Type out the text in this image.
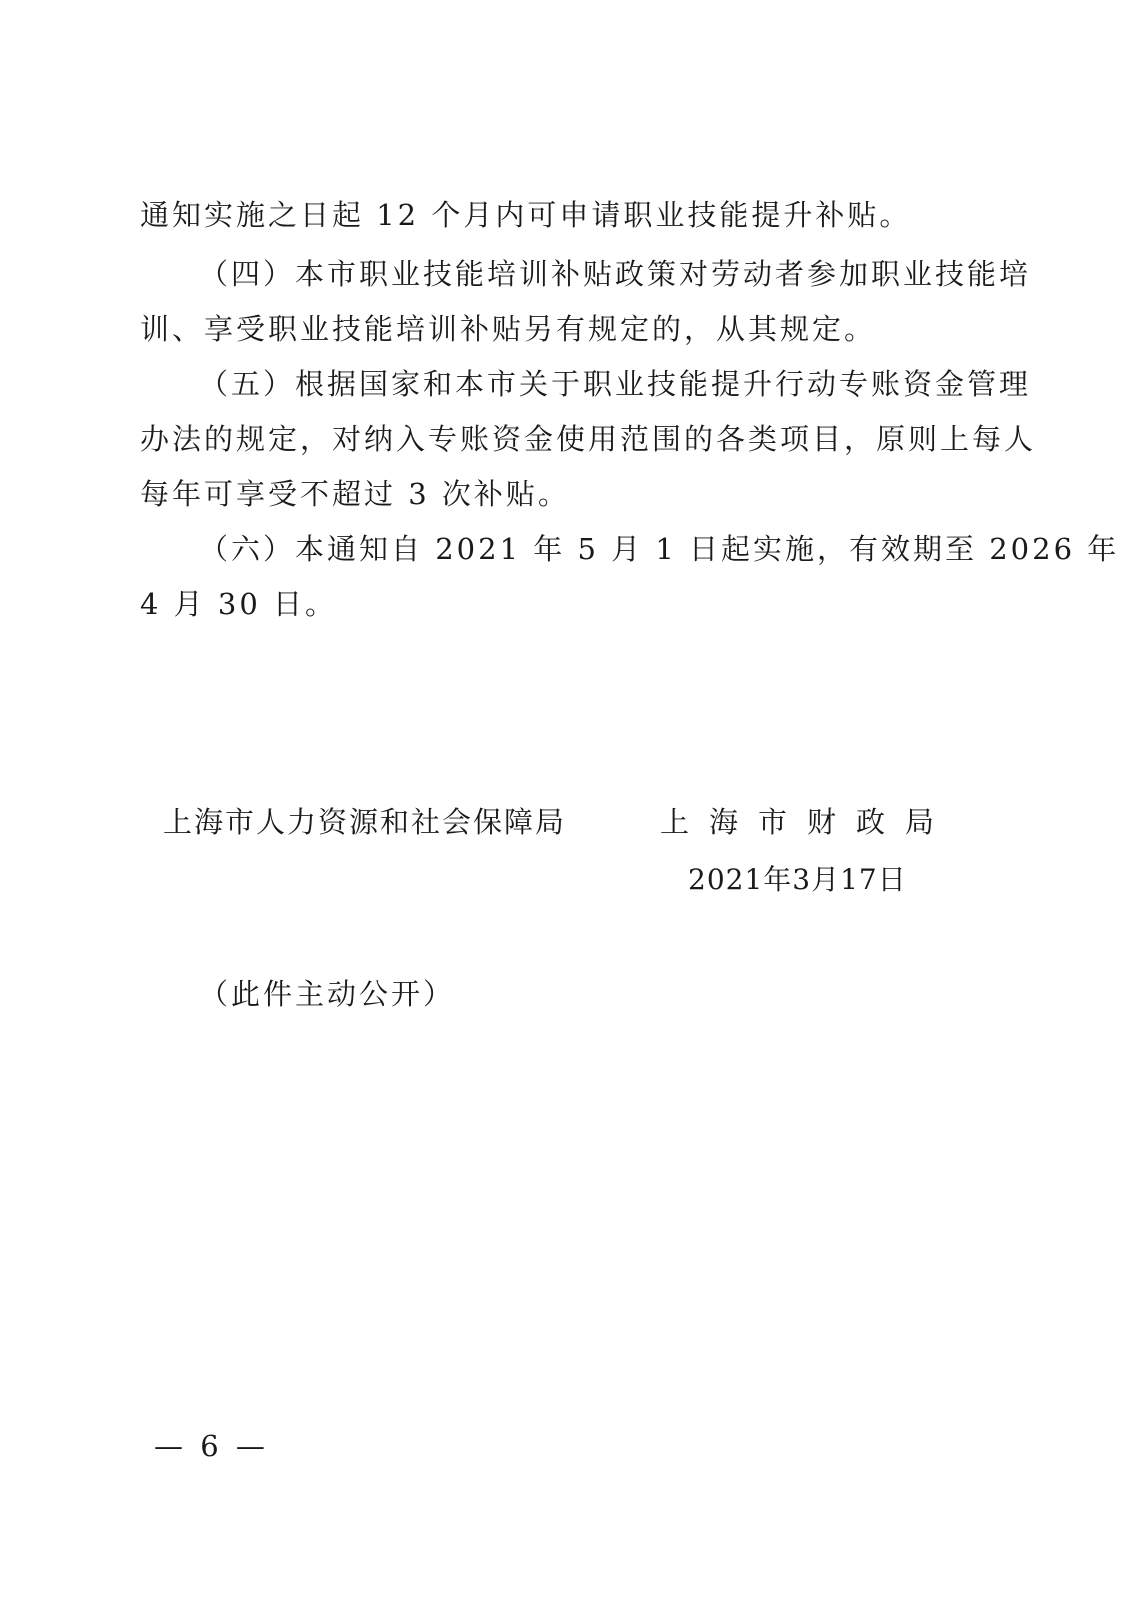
通知实施之日起 12 个月内可申请职业技能提升补贴。
（四）本市职业技能培训补贴政策对劳动者参加职业技能培
训、享受职业技能培训补贴另有规定的，从其规定。
（五）根据国家和本市关于职业技能提升行动专账资金管理
办法的规定，对纳入专账资金使用范围的各类项目，原则上每人
每年可享受不超过 3 次补贴。
（六）本通知自 2021 年 5 月 1 日起实施，有效期至 2026 年
4 月 30 日。
上海市人力资源和社会保障局	上海市财政局
2021年3月17日
（此件主动公开）
— 6 —
